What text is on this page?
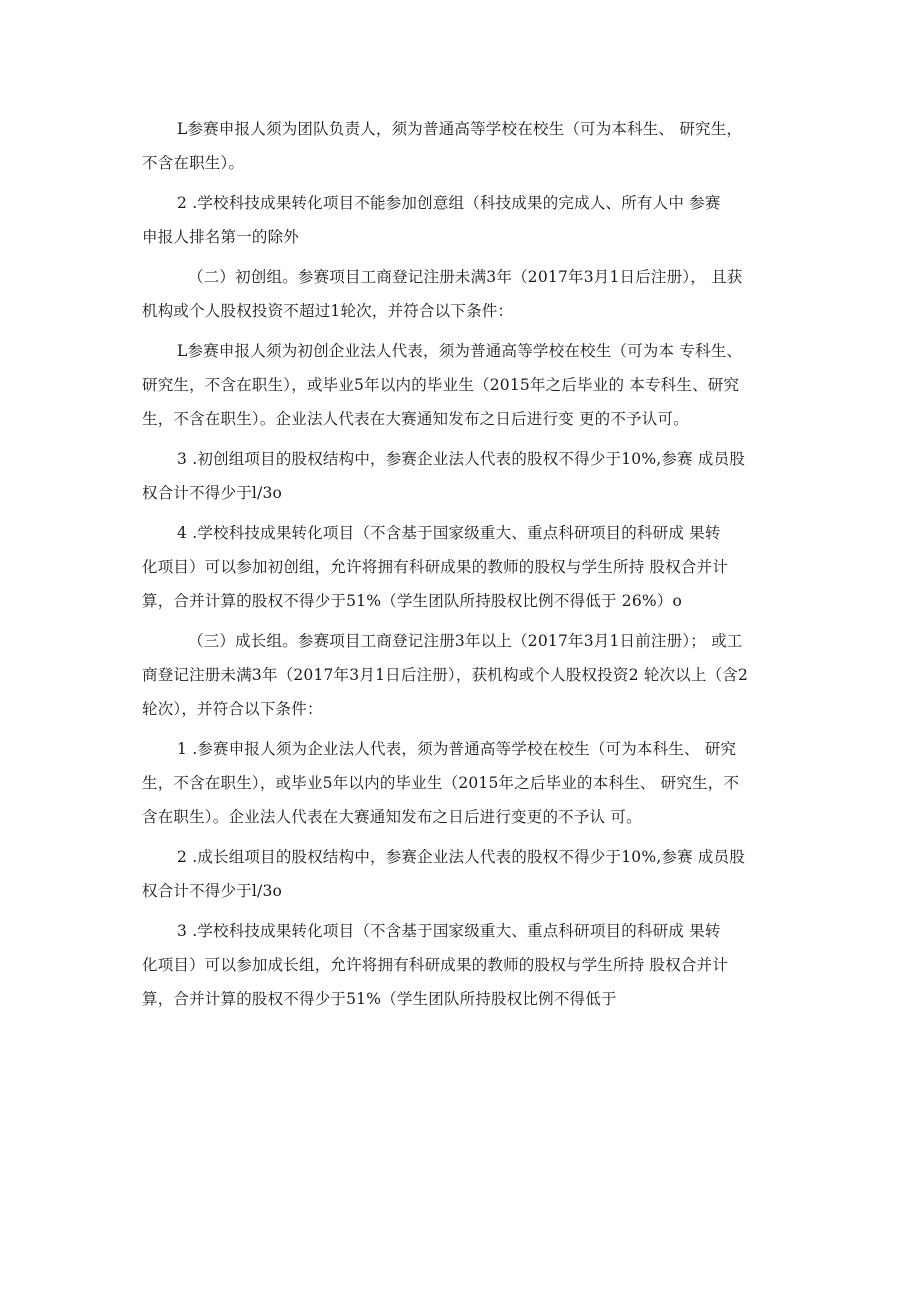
L参赛申报人须为团队负责人，须为普通高等学校在校生（可为本科生、 研究生，
不含在职生）。
2 .学校科技成果转化项目不能参加创意组（科技成果的完成人、所有人中 参赛
申报人排名第一的除外
（二）初创组。参赛项目工商登记注册未满3年（2017年3月1日后注册）， 且获
机构或个人股权投资不超过1轮次，并符合以下条件：
L参赛申报人须为初创企业法人代表，须为普通高等学校在校生（可为本 专科生、
研究生，不含在职生），或毕业5年以内的毕业生（2015年之后毕业的 本专科生、研究
生，不含在职生）。企业法人代表在大赛通知发布之日后进行变 更的不予认可。
3 .初创组项目的股权结构中，参赛企业法人代表的股权不得少于10%,参赛 成员股
权合计不得少于l/3o
4 .学校科技成果转化项目（不含基于国家级重大、重点科研项目的科研成 果转
化项目）可以参加初创组，允许将拥有科研成果的教师的股权与学生所持 股权合并计
算，合并计算的股权不得少于51%（学生团队所持股权比例不得低于 26%）o
（三）成长组。参赛项目工商登记注册3年以上（2017年3月1日前注册）； 或工
商登记注册未满3年（2017年3月1日后注册），获机构或个人股权投资2 轮次以上（含2
轮次），并符合以下条件：
1 .参赛申报人须为企业法人代表，须为普通高等学校在校生（可为本科生、 研究
生，不含在职生），或毕业5年以内的毕业生（2015年之后毕业的本科生、 研究生，不
含在职生）。企业法人代表在大赛通知发布之日后进行变更的不予认 可。
2 .成长组项目的股权结构中，参赛企业法人代表的股权不得少于10%,参赛 成员股
权合计不得少于l/3o
3 .学校科技成果转化项目（不含基于国家级重大、重点科研项目的科研成 果转
化项目）可以参加成长组，允许将拥有科研成果的教师的股权与学生所持 股权合并计
算，合并计算的股权不得少于51%（学生团队所持股权比例不得低于
